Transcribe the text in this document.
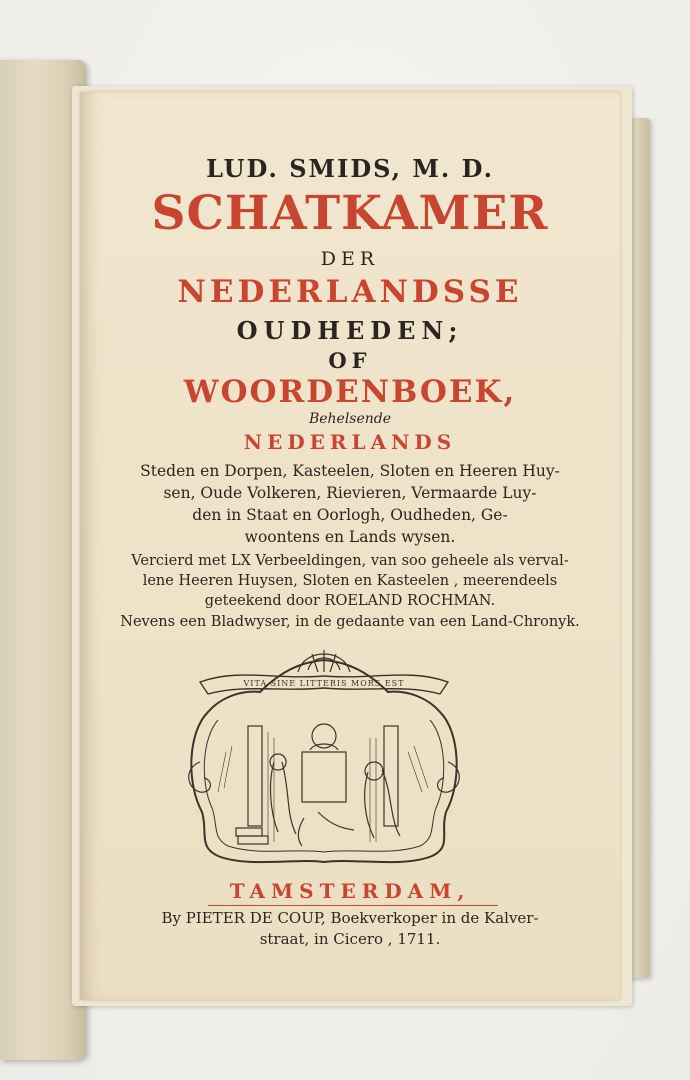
LUD. SMIDS, M. D.
SCHATKAMER
DER
NEDERLANDSSE
OUDHEDEN;
OF
WOORDENBOEK,
Behelsende
NEDERLANDS
Steden en Dorpen, Kasteelen, Sloten en Heeren Huy-
sen, Oude Volkeren, Rievieren, Vermaarde Luy-
den in Staat en Oorlogh, Oudheden, Ge-
woontens en Lands wysen.
Vercierd met LX Verbeeldingen, van soo geheele als verval-
lene Heeren Huysen, Sloten en Kasteelen , meerendeels
geteekend door ROELAND ROCHMAN.
Nevens een Bladwyser, in de gedaante van een Land-Chronyk.
VITA SINE LITTERIS MORS EST
TAMSTERDAM,
By PIETER DE COUP, Boekverkoper in de Kalver-
straat, in Cicero , 1711.
